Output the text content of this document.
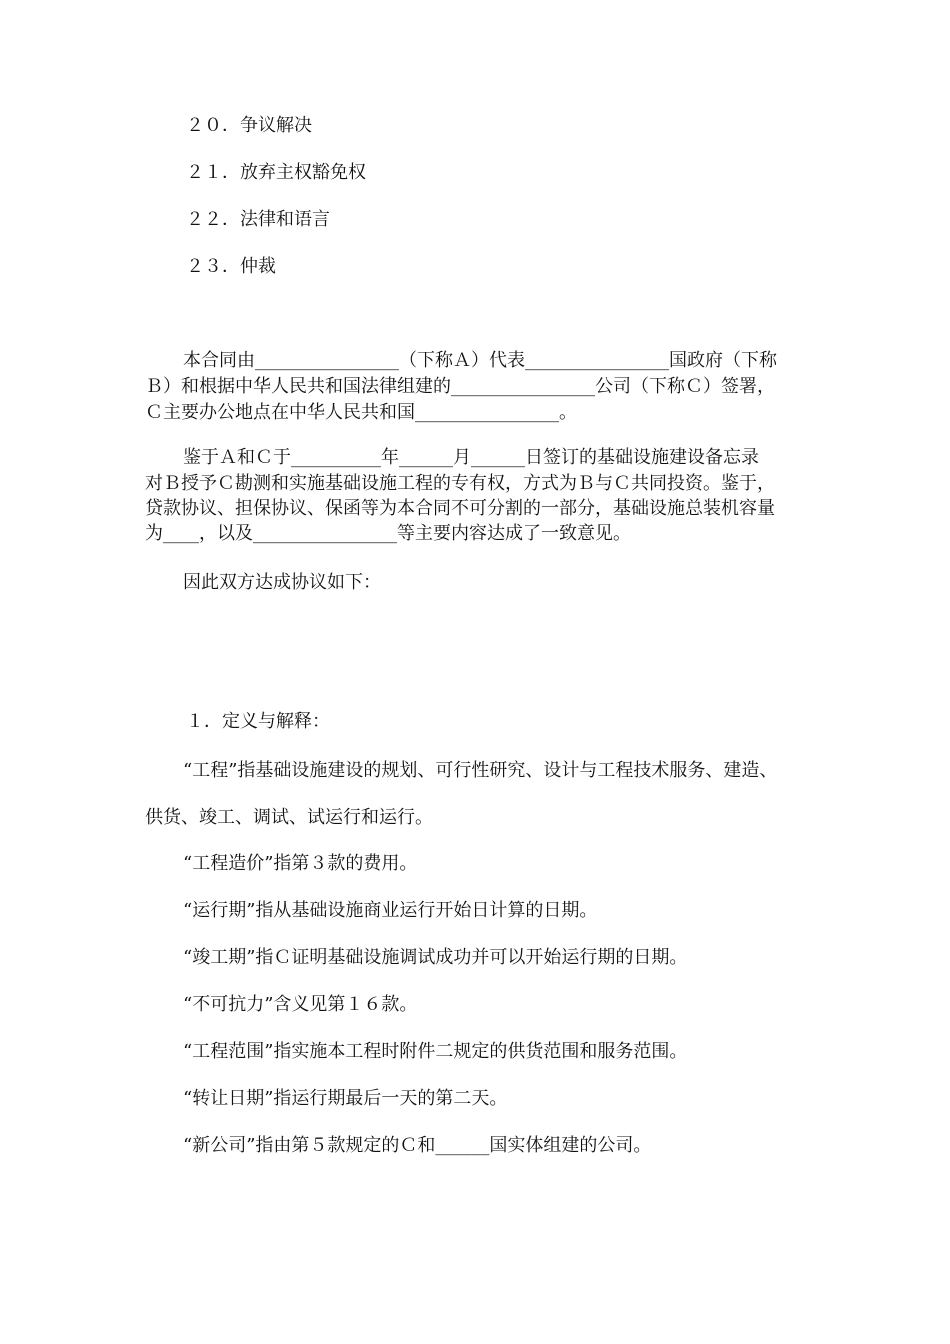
２０．争议解决
２１．放弃主权豁免权
２２．法律和语言
２３．仲裁
本合同由________________（下称Ａ）代表________________国政府（下称
Ｂ）和根据中华人民共和国法律组建的________________公司（下称Ｃ）签署，
Ｃ主要办公地点在中华人民共和国________________。
鉴于Ａ和Ｃ于__________年______月______日签订的基础设施建设备忘录
对Ｂ授予Ｃ勘测和实施基础设施工程的专有权，方式为Ｂ与Ｃ共同投资。鉴于，
贷款协议、担保协议、保函等为本合同不可分割的一部分，基础设施总装机容量
为____，以及________________等主要内容达成了一致意见。
因此双方达成协议如下：
１．定义与解释：
“工程”指基础设施建设的规划、可行性研究、设计与工程技术服务、建造、
供货、竣工、调试、试运行和运行。
“工程造价”指第３款的费用。
“运行期”指从基础设施商业运行开始日计算的日期。
“竣工期”指Ｃ证明基础设施调试成功并可以开始运行期的日期。
“不可抗力”含义见第１６款。
“工程范围”指实施本工程时附件二规定的供货范围和服务范围。
“转让日期”指运行期最后一天的第二天。
“新公司”指由第５款规定的Ｃ和______国实体组建的公司。
